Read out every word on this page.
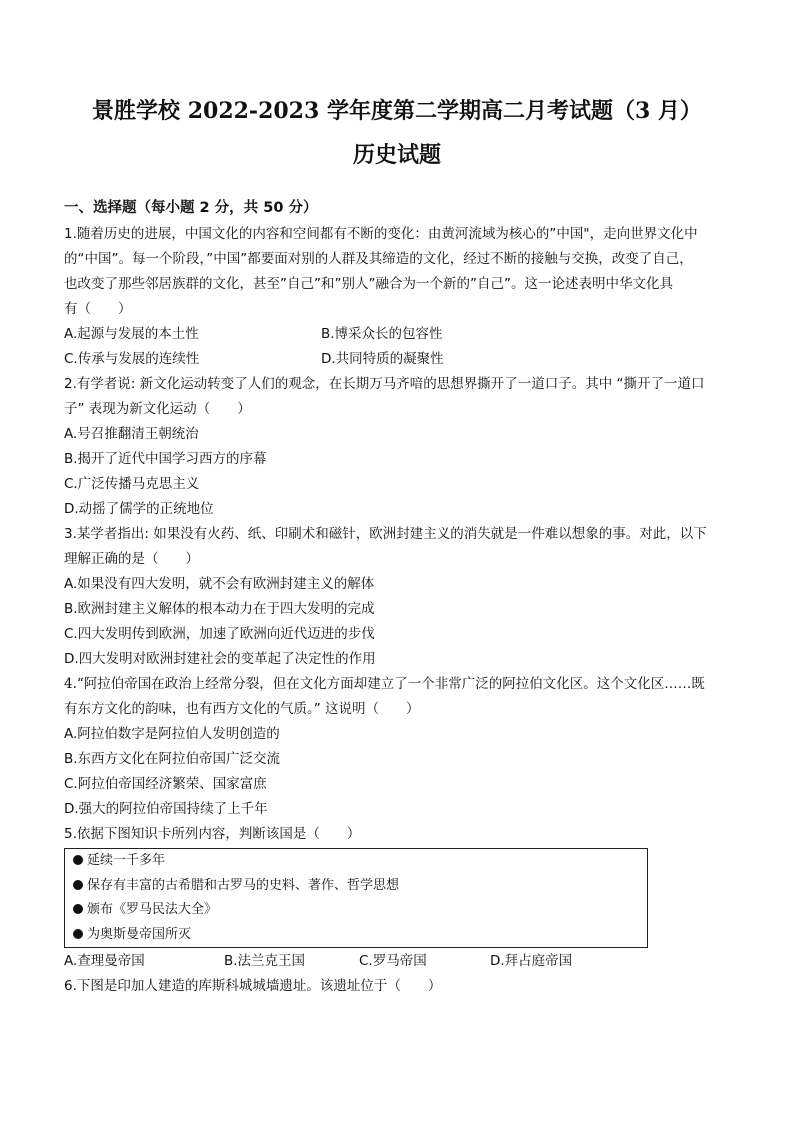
景胜学校 2022-2023 学年度第二学期高二月考试题（3 月）
历史试题
一、选择题（每小题 2 分，共 50 分）
1.随着历史的进展，中国文化的内容和空间都有不断的变化：由黄河流域为核心的”中国"，走向世界文化中
的“中国”。每一个阶段，”中国”都要面对别的人群及其缔造的文化，经过不断的接触与交换，改变了自己，
也改变了那些邻居族群的文化，甚至”自己”和”别人”融合为一个新的”自己”。这一论述表明中华文化具
有（　　）
A.起源与发展的本土性	B.博采众长的包容性
C.传承与发展的连续性	D.共同特质的凝聚性
2.有学者说: 新文化运动转变了人们的观念，在长期万马齐喑的思想界撕开了一道口子。其中 “撕开了一道口
子” 表现为新文化运动（　　）
A.号召推翻清王朝统治
B.揭开了近代中国学习西方的序幕
C.广泛传播马克思主义
D.动摇了儒学的正统地位
3.某学者指出: 如果没有火药、纸、印刷术和磁针，欧洲封建主义的消失就是一件难以想象的事。对此，以下
理解正确的是（　　）
A.如果没有四大发明，就不会有欧洲封建主义的解体
B.欧洲封建主义解体的根本动力在于四大发明的完成
C.四大发明传到欧洲，加速了欧洲向近代迈进的步伐
D.四大发明对欧洲封建社会的变革起了决定性的作用
4.“阿拉伯帝国在政治上经常分裂，但在文化方面却建立了一个非常广泛的阿拉伯文化区。这个文化区……既
有东方文化的韵味，也有西方文化的气质。” 这说明（　　）
A.阿拉伯数字是阿拉伯人发明创造的
B.东西方文化在阿拉伯帝国广泛交流
C.阿拉伯帝国经济繁荣、国家富庶
D.强大的阿拉伯帝国持续了上千年
5.依据下图知识卡所列内容，判断该国是（　　）
延续一千多年
保存有丰富的古希腊和古罗马的史料、著作、哲学思想
颁布《罗马民法大全》
为奥斯曼帝国所灭
A.查理曼帝国	B.法兰克王国	C.罗马帝国	D.拜占庭帝国
6.下图是印加人建造的库斯科城城墙遗址。该遗址位于（　　）
